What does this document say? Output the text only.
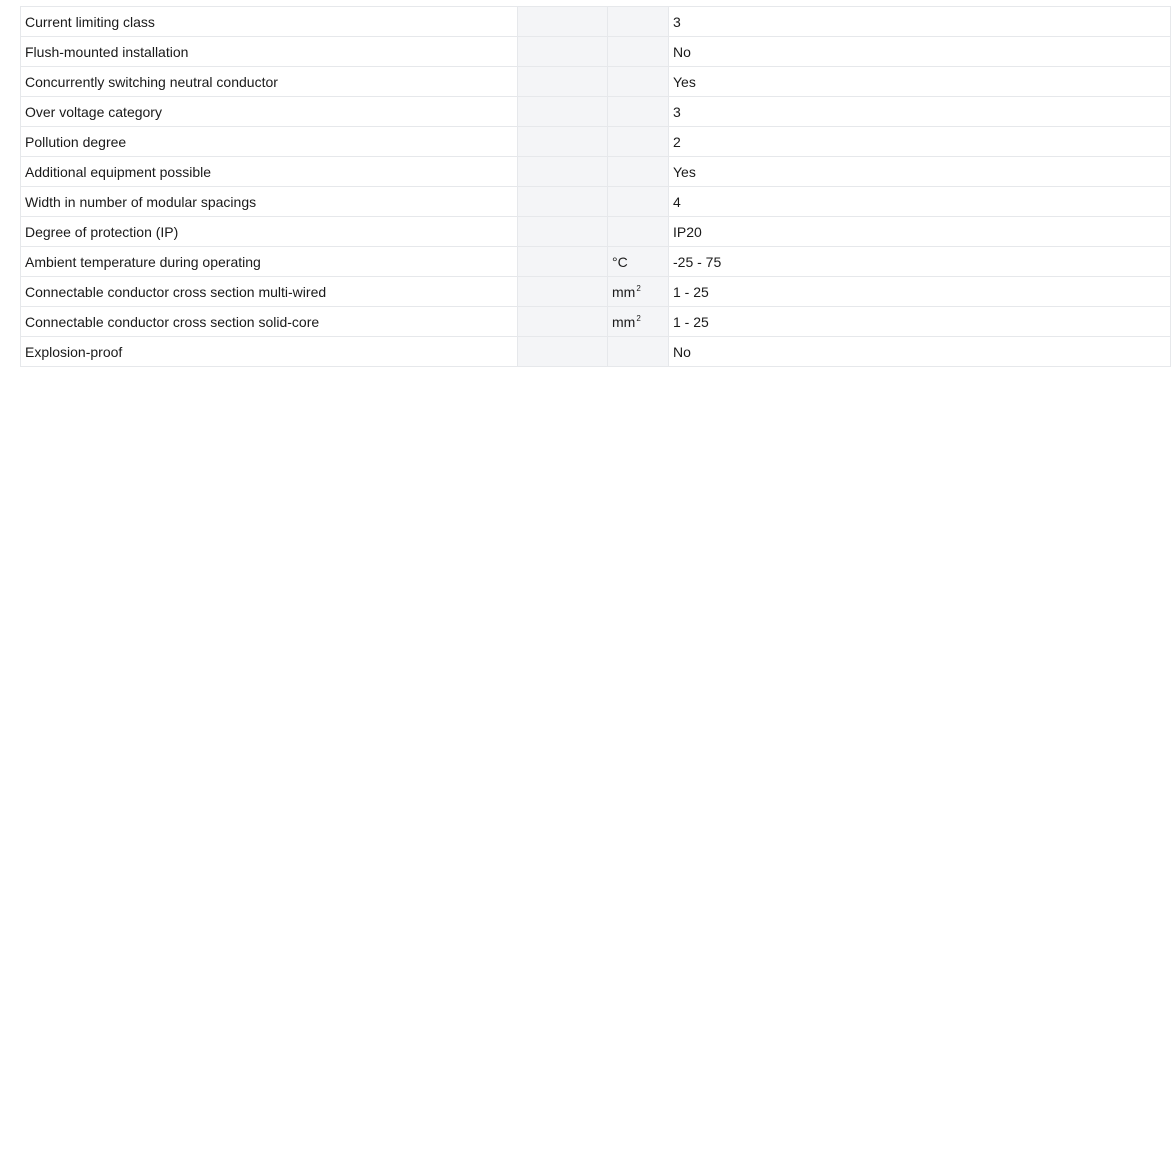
Current limiting class			3
Flush-mounted installation			No
Concurrently switching neutral conductor			Yes
Over voltage category			3
Pollution degree			2
Additional equipment possible			Yes
Width in number of modular spacings			4
Degree of protection (IP)			IP20
Ambient temperature during operating		°C	-25 - 75
Connectable conductor cross section multi-wired		$mm^2$	1 - 25
Connectable conductor cross section solid-core		$mm^2$	1 - 25
Explosion-proof			No
